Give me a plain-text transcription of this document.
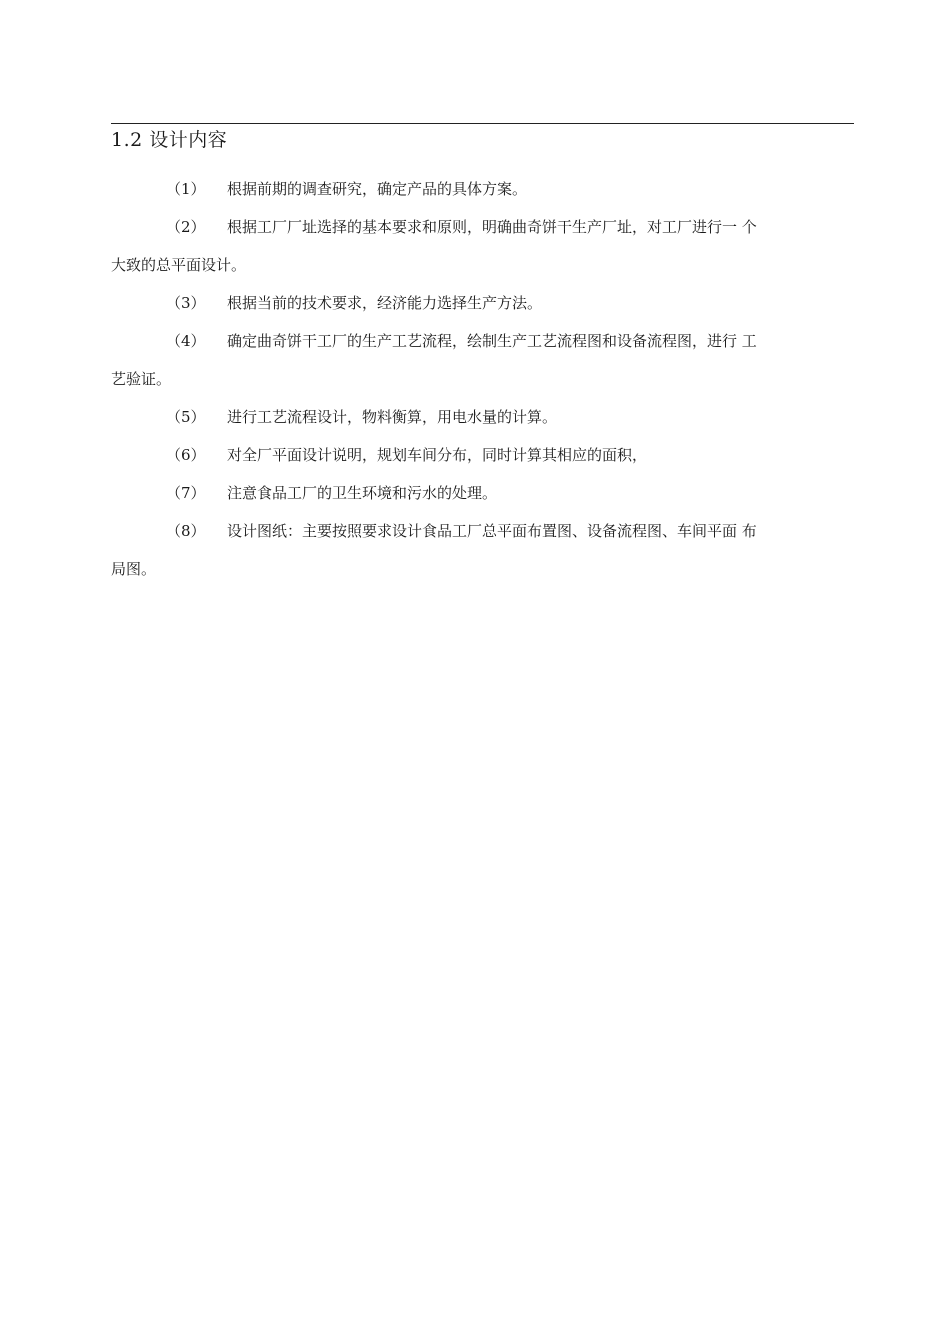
1.2 设计内容
（1）	根据前期的调查研究，确定产品的具体方案。
（2）	根据工厂厂址选择的基本要求和原则，明确曲奇饼干生产厂址，对工厂进行一 个
大致的总平面设计。
（3）	根据当前的技术要求，经济能力选择生产方法。
（4）	确定曲奇饼干工厂的生产工艺流程，绘制生产工艺流程图和设备流程图，进行 工
艺验证。
（5）	进行工艺流程设计，物料衡算，用电水量的计算。
（6）	对全厂平面设计说明，规划车间分布，同时计算其相应的面积，
（7）	注意食品工厂的卫生环境和污水的处理。
（8）	设计图纸：主要按照要求设计食品工厂总平面布置图、设备流程图、车间平面 布
局图。
